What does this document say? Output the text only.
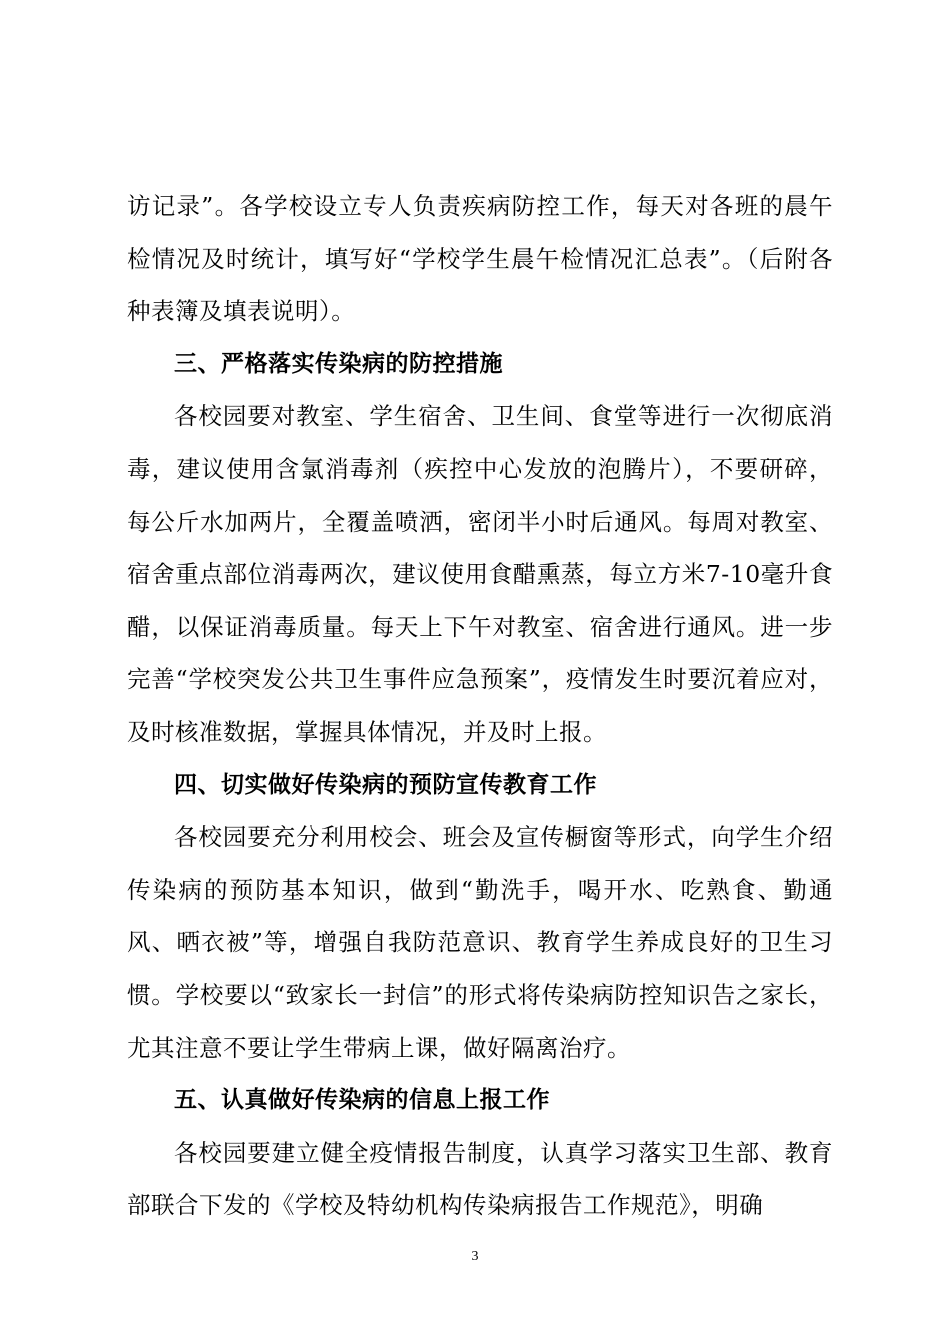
访记录”。各学校设立专人负责疾病防控工作，每天对各班的晨午检情况及时统计，填写好“学校学生晨午检情况汇总表”。（后附各种表簿及填表说明）。

三、严格落实传染病的防控措施

各校园要对教室、学生宿舍、卫生间、食堂等进行一次彻底消毒，建议使用含氯消毒剂（疾控中心发放的泡腾片），不要研碎，每公斤水加两片，全覆盖喷洒，密闭半小时后通风。每周对教室、宿舍重点部位消毒两次，建议使用食醋熏蒸，每立方米7-10毫升食醋，以保证消毒质量。每天上下午对教室、宿舍进行通风。进一步完善“学校突发公共卫生事件应急预案”，疫情发生时要沉着应对，及时核准数据，掌握具体情况，并及时上报。

四、切实做好传染病的预防宣传教育工作

各校园要充分利用校会、班会及宣传橱窗等形式，向学生介绍传染病的预防基本知识，做到“勤洗手，喝开水、吃熟食、勤通风、晒衣被”等，增强自我防范意识、教育学生养成良好的卫生习惯。学校要以“致家长一封信”的形式将传染病防控知识告之家长，尤其注意不要让学生带病上课，做好隔离治疗。

五、认真做好传染病的信息上报工作

各校园要建立健全疫情报告制度，认真学习落实卫生部、教育部联合下发的《学校及特幼机构传染病报告工作规范》，明确

3
